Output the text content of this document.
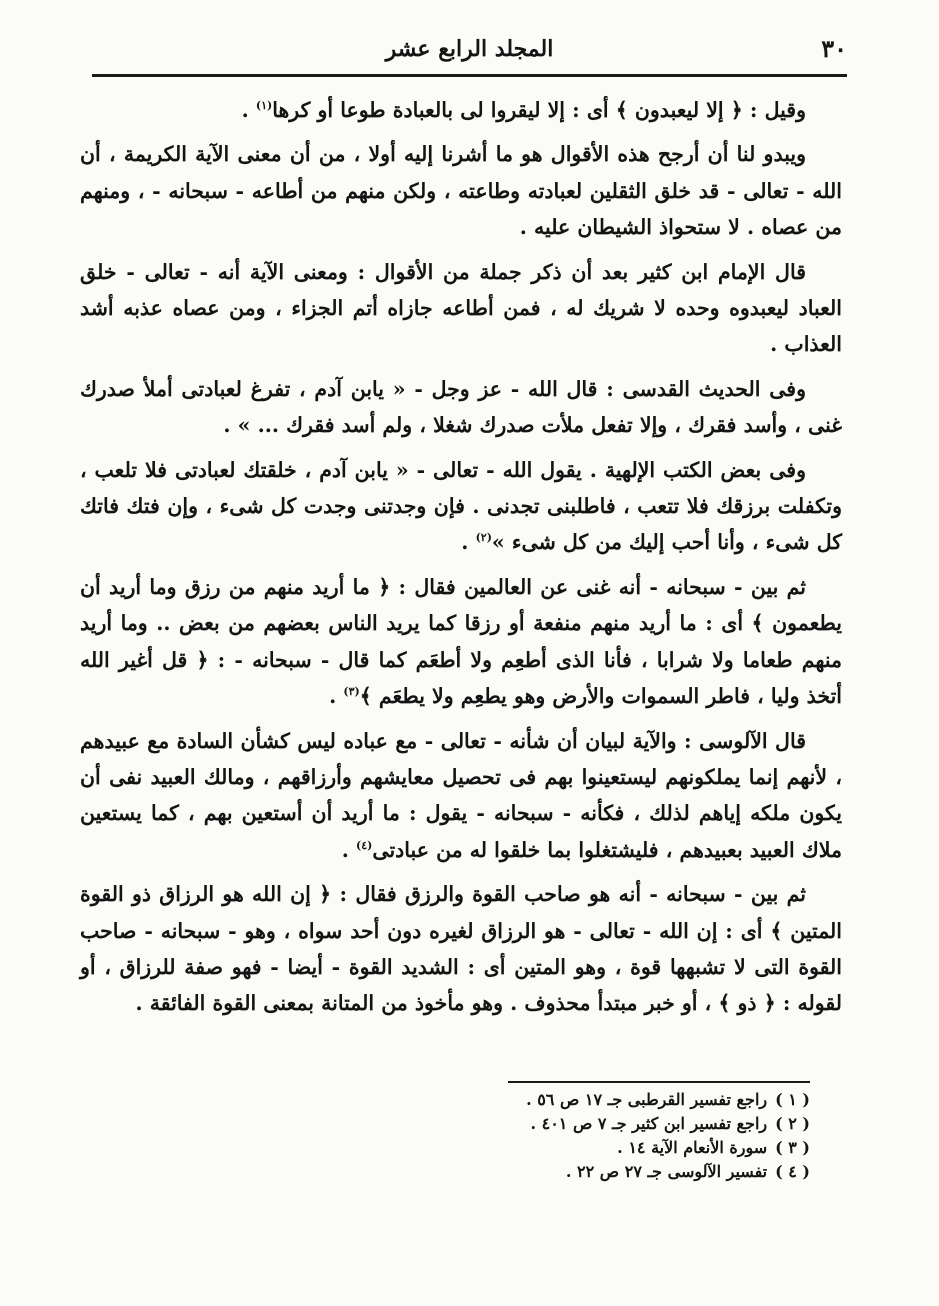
٣٠
المجلد الرابع عشر

وقيل : ﴿ إلا ليعبدون ﴾ أى : إلا ليقروا لى بالعبادة طوعا أو كرها$^{(١)}$ .

ويبدو لنا أن أرجح هذه الأقوال هو ما أشرنا إليه أولا ، من أن معنى الآية الكريمة ، أن الله - تعالى - قد خلق الثقلين لعبادته وطاعته ، ولكن منهم من أطاعه - سبحانه - ، ومنهم من عصاه . لا ستحواذ الشيطان عليه .

قال الإمام ابن كثير بعد أن ذكر جملة من الأقوال : ومعنى الآية أنه - تعالى - خلق العباد ليعبدوه وحده لا شريك له ، فمن أطاعه جازاه أتم الجزاء ، ومن عصاه عذبه أشد العذاب .

وفى الحديث القدسى : قال الله - عز وجل - « يابن آدم ، تفرغ لعبادتى أملأ صدرك غنى ، وأسد فقرك ، وإلا تفعل ملأت صدرك شغلا ، ولم أسد فقرك ... » .

وفى بعض الكتب الإلهية . يقول الله - تعالى - « يابن آدم ، خلقتك لعبادتى فلا تلعب ، وتكفلت برزقك فلا تتعب ، فاطلبنى تجدنى . فإن وجدتنى وجدت كل شىء ، وإن فتك فاتك كل شىء ، وأنا أحب إليك من كل شىء »$^{(٢)}$ .

ثم بين - سبحانه - أنه غنى عن العالمين فقال : ﴿ ما أريد منهم من رزق وما أريد أن يطعمون ﴾ أى : ما أريد منهم منفعة أو رزقا كما يريد الناس بعضهم من بعض .. وما أريد منهم طعاما ولا شرابا ، فأنا الذى أطعِم ولا أطعَم كما قال - سبحانه - : ﴿ قل أغير الله أتخذ وليا ، فاطر السموات والأرض وهو يطعِم ولا يطعَم ﴾$^{(٣)}$ .

قال الآلوسى : والآية لبيان أن شأنه - تعالى - مع عباده ليس كشأن السادة مع عبيدهم ، لأنهم إنما يملكونهم ليستعينوا بهم فى تحصيل معايشهم وأرزاقهم ، ومالك العبيد نفى أن يكون ملكه إياهم لذلك ، فكأنه - سبحانه - يقول : ما أريد أن أستعين بهم ، كما يستعين ملاك العبيد بعبيدهم ، فليشتغلوا بما خلقوا له من عبادتى$^{(٤)}$ .

ثم بين - سبحانه - أنه هو صاحب القوة والرزق فقال : ﴿ إن الله هو الرزاق ذو القوة المتين ﴾ أى : إن الله - تعالى - هو الرزاق لغيره دون أحد سواه ، وهو - سبحانه - صاحب القوة التى لا تشبهها قوة ، وهو المتين أى : الشديد القوة - أيضا - فهو صفة للرزاق ، أو لقوله : ﴿ ذو ﴾ ، أو خبر مبتدأ محذوف . وهو مأخوذ من المتانة بمعنى القوة الفائقة .

( ١ )راجع تفسير القرطبى جـ ١٧ ص ٥٦ .
( ٢ )راجع تفسير ابن كثير جـ ٧ ص ٤٠١ .
( ٣ )سورة الأنعام الآية ١٤ .
( ٤ )تفسير الآلوسى جـ ٢٧ ص ٢٢ .
